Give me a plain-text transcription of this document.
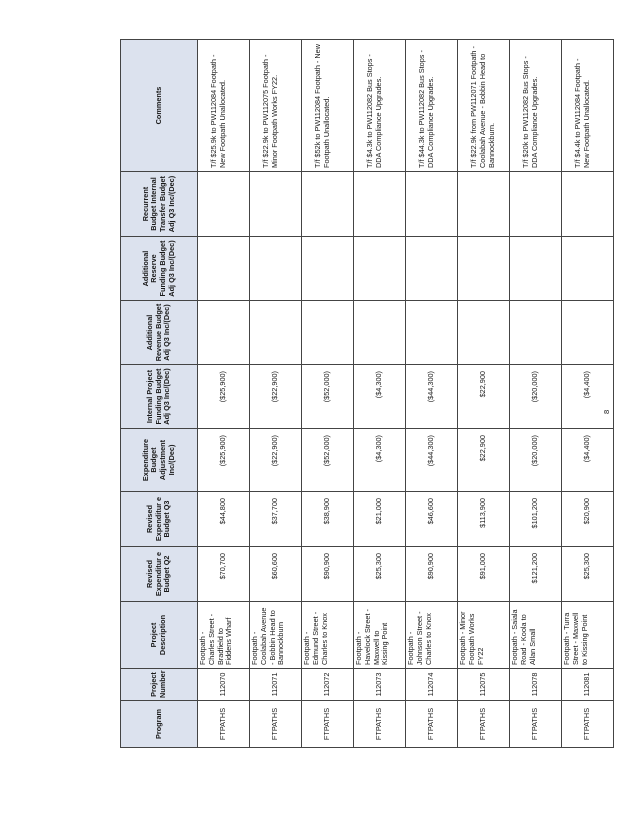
Program	Project Number	Project Description	Revised Expenditur e Budget Q2	Revised Expenditur e Budget Q3	Expenditure Budget Adjustment Inc/(Dec)	Internal Project Funding Budget Adj Q3 Inc/(Dec)	Additional Revenue Budget Adj Q3 Inc/(Dec)	Additional Reserve Funding Budget Adj Q3 Inc/(Dec)	Recurrent Budget Internal Transfer Budget Adj Q3 Inc/(Dec)	Comments
FTPATHS	112070	Footpath - Charles Street - Bradfield to Fiddens Wharf	$70,700	$44,800	($25,900)	($25,900)				T/f $25.9k to PW112084 Footpath - New Footpath Unallocated.
FTPATHS	112071	Footpath - Coolabah Avenue - Bobbin Head to Bannockburn	$60,600	$37,700	($22,900)	($22,900)				T/f $22.9k to PW112075 Footpath - Minor Footpath Works FY22.
FTPATHS	112072	Footpath - Edmund Street - Charles to Knox	$90,900	$38,900	($52,000)	($52,000)				T/f $52k to PW112084 Footpath - New Footpath Unallocated.
FTPATHS	112073	Footpath - Havelock Street - Maxwell to Kissing Point	$25,300	$21,000	($4,300)	($4,300)				T/f $4.3k to PW112082 Bus Stops - DDA Compliance Upgrades.
FTPATHS	112074	Footpath - Johnson Street - Charles to Knox	$90,900	$46,600	($44,300)	($44,300)				T/f $44.3k to PW112082 Bus Stops - DDA Compliance Upgrades.
FTPATHS	112075	Footpath - Minor Footpath Works FY22	$91,000	$113,900	$22,900	$22,900				T/f $22.9k from PW112071 Footpath - Coolabah Avenue - Bobbin Head to Bannockburn.
FTPATHS	112078	Footpath - Saiala Road - Koola to Allan Small	$121,200	$101,200	($20,000)	($20,000)				T/f $20k to PW112082 Bus Stops - DDA Compliance Upgrades.
FTPATHS	112081	Footpath - Turra Street - Maxwell to Kissing Point	$25,300	$20,900	($4,400)	($4,400)				T/f $4.4k to PW112084 Footpath - New Footpath Unallocated.
8
